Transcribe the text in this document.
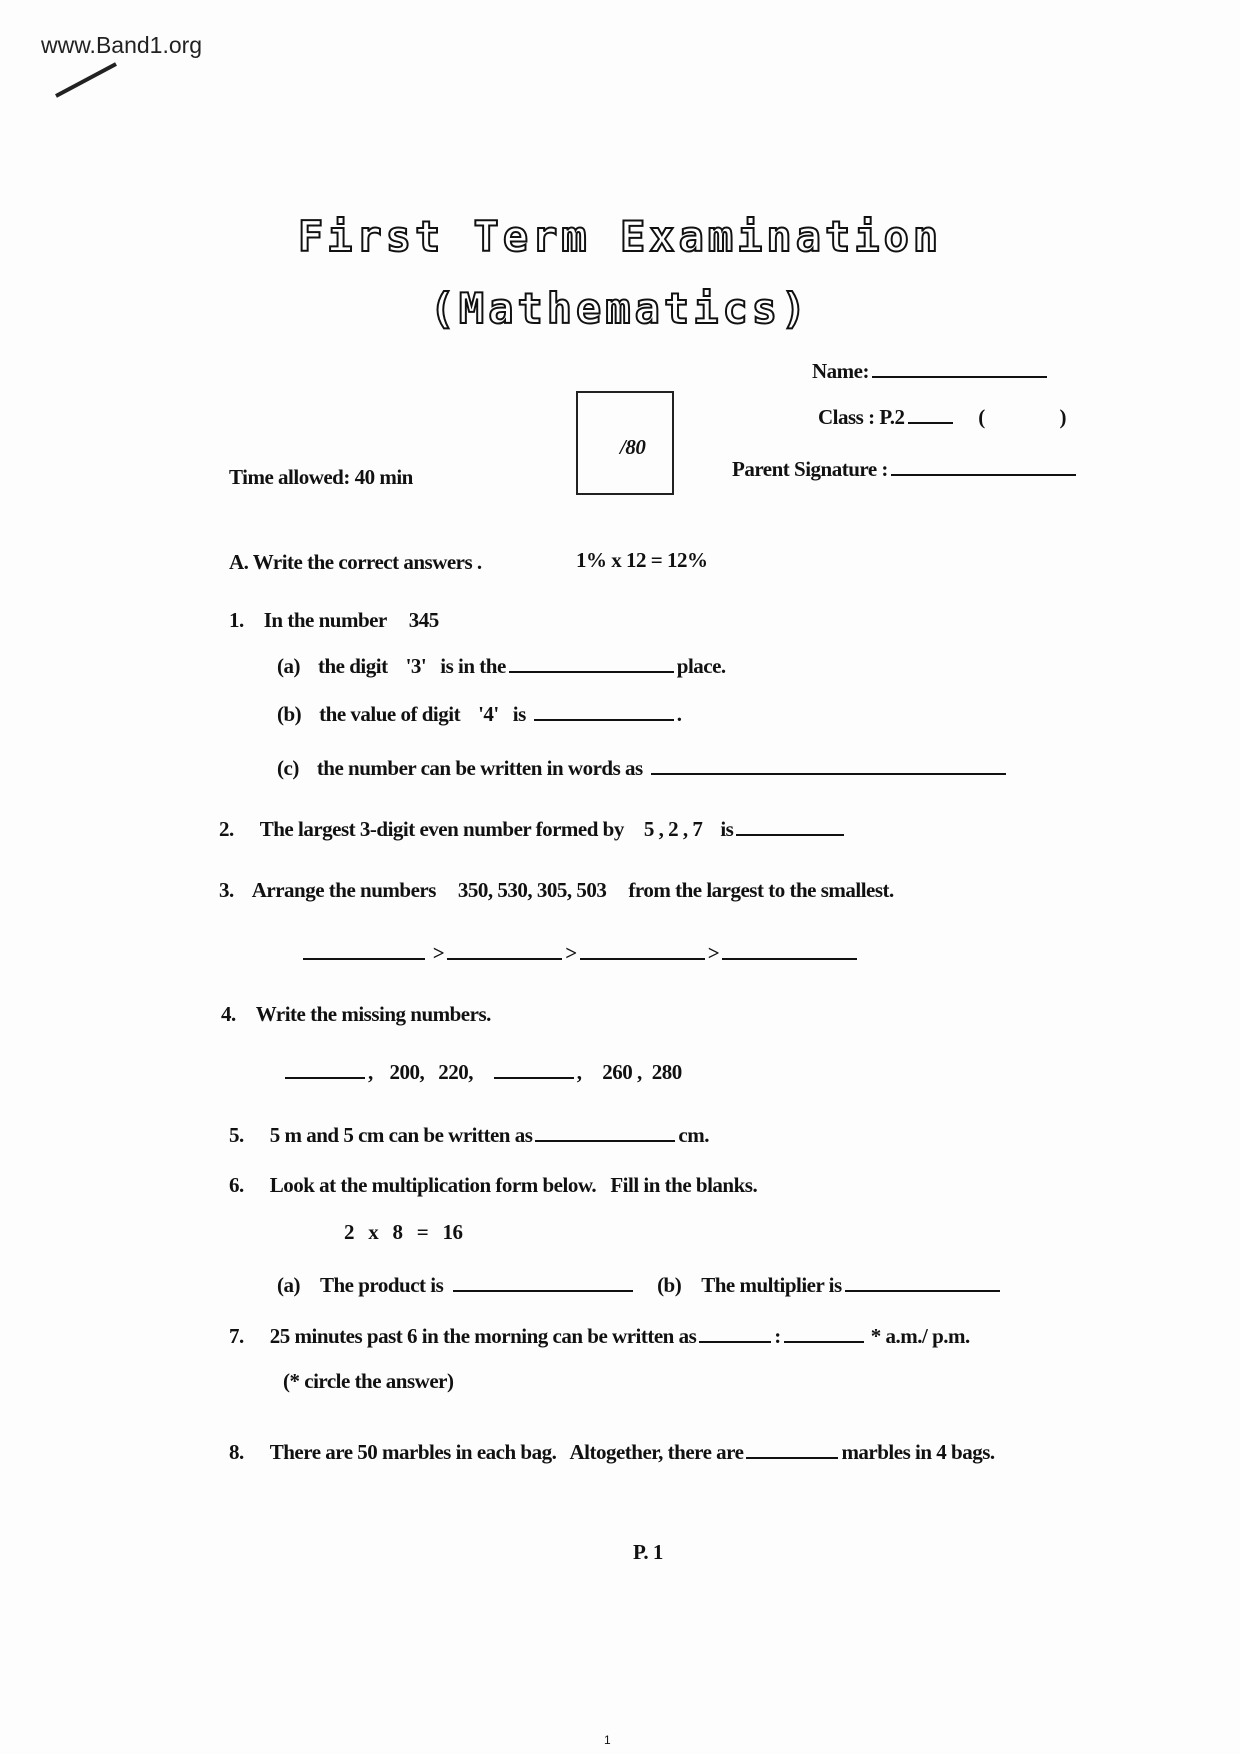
www.Band1.org
First Term Examination
(Mathematics)
Name:
Class : P.2	(	)
/80
Time allowed: 40 min	Parent Signature :
A. Write the correct answers .	1% x 12 = 12%
1. In the number 345
(a) the digit '3' is in the	place.
(b) the value of digit '4' is	.
(c) the number can be written in words as
2. The largest 3-digit even number formed by 5 , 2 , 7 is
3. Arrange the numbers 350, 530, 305, 503 from the largest to the smallest.
>	>	>
4. Write the missing numbers.
, 200, 220,	, 260 , 280
5. 5 m and 5 cm can be written as	cm.
6. Look at the multiplication form below.   Fill in the blanks.
2   x   8   =   16
(a) The product is	(b) The multiplier is
7. 25 minutes past 6 in the morning can be written as	:	* a.m./ p.m.
(* circle the answer)
8. There are 50 marbles in each bag.   Altogether, there are	marbles in 4 bags.
P. 1
1
